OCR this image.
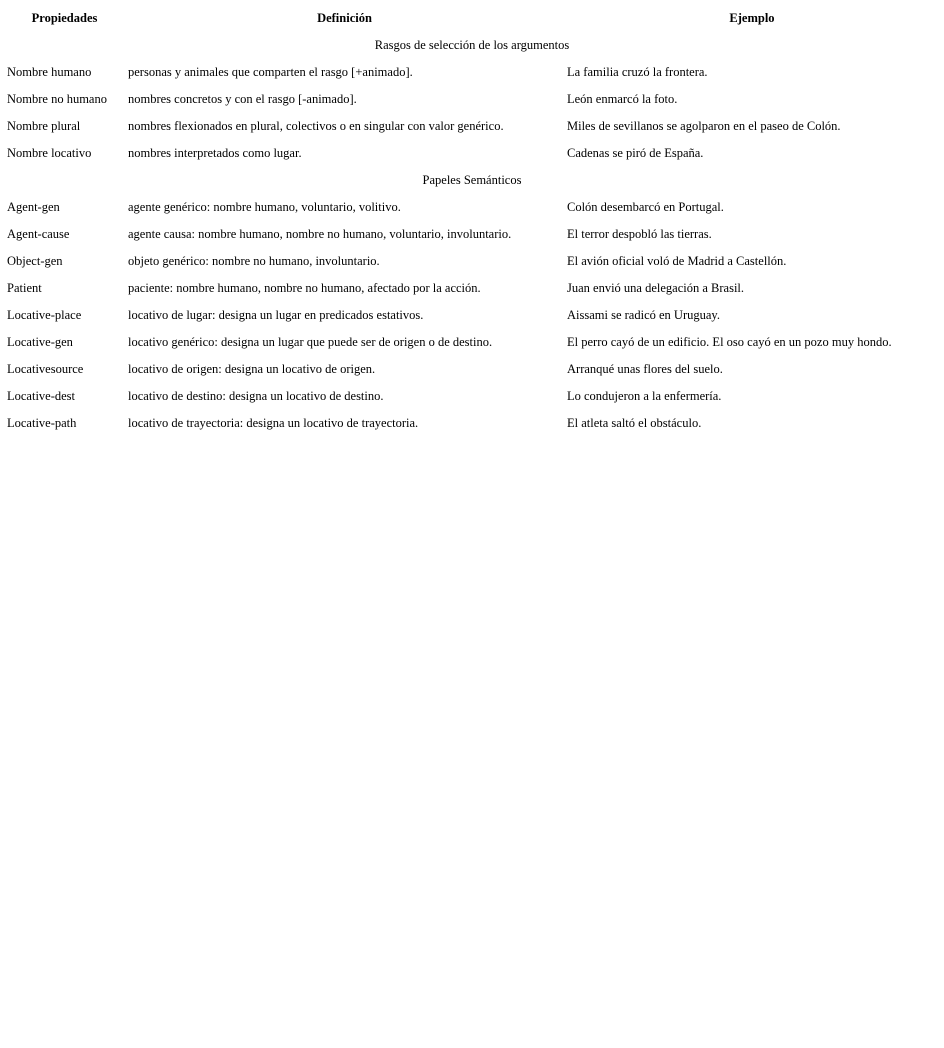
Propiedades	Definición	Ejemplo
Rasgos de selección de los argumentos		
Nombre humano	personas y animales que comparten el rasgo [+animado].	La familia cruzó la frontera.
Nombre no humano	nombres concretos y con el rasgo [-animado].	León enmarcó la foto.
Nombre plural	nombres flexionados en plural, colectivos o en singular con valor genérico.	Miles de sevillanos se agolparon en el paseo de Colón.
Nombre locativo	nombres interpretados como lugar.	Cadenas se piró de España.
Papeles Semánticos		
Agent-gen	agente genérico: nombre humano, voluntario, volitivo.	Colón desembarcó en Portugal.
Agent-cause	agente causa: nombre humano, nombre no humano, voluntario, involuntario.	El terror despobló las tierras.
Object-gen	objeto genérico: nombre no humano, involuntario.	El avión oficial voló de Madrid a Castellón.
Patient	paciente: nombre humano, nombre no humano, afectado por la acción.	Juan envió una delegación a Brasil.
Locative-place	locativo de lugar: designa un lugar en predicados estativos.	Aissami se radicó en Uruguay.
Locative-gen	locativo genérico: designa un lugar que puede ser de origen o de destino.	El perro cayó de un edificio. El oso cayó en un pozo muy hondo.
Locativesource	locativo de origen: designa un locativo de origen.	Arranqué unas flores del suelo.
Locative-dest	locativo de destino: designa un locativo de destino.	Lo condujeron a la enfermería.
Locative-path	locativo de trayectoria: designa un locativo de trayectoria.	El atleta saltó el obstáculo.
